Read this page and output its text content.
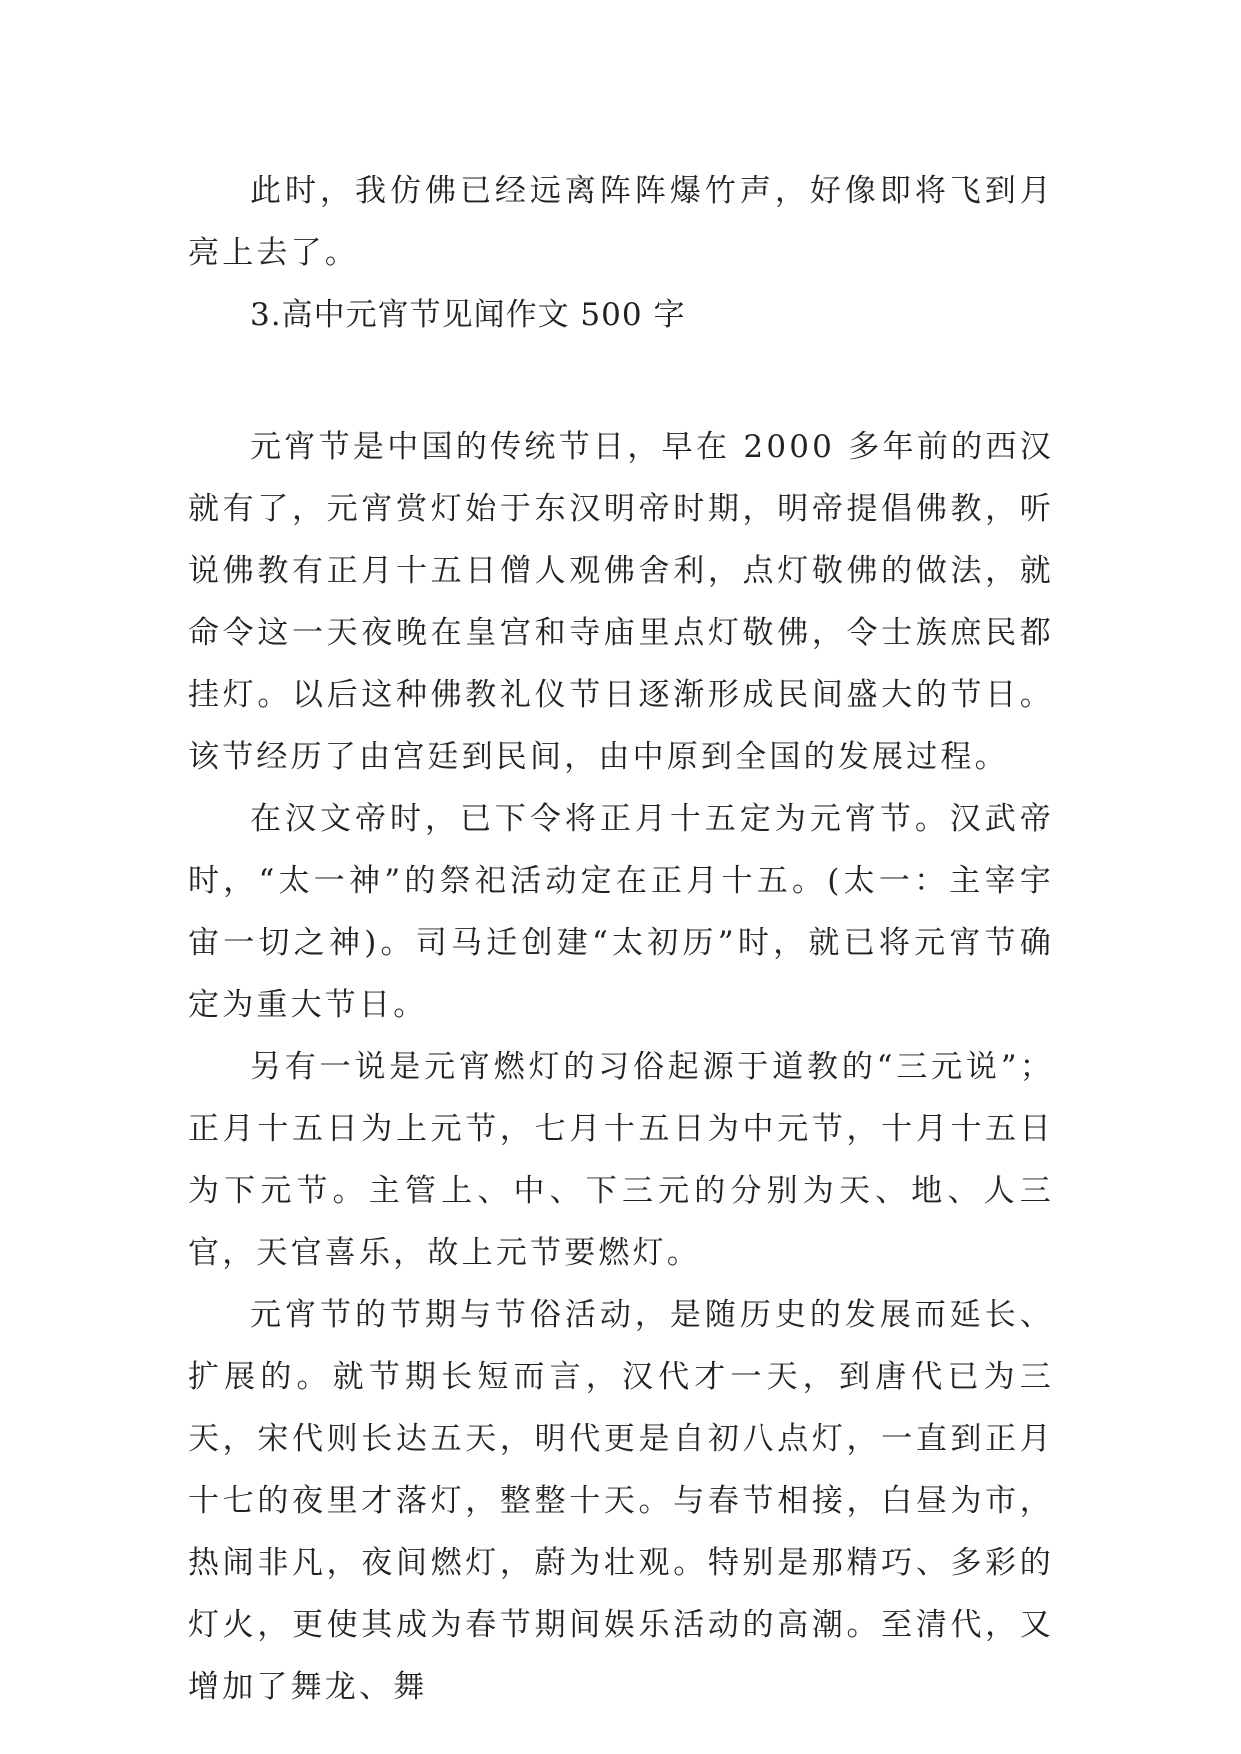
此时，我仿佛已经远离阵阵爆竹声，好像即将飞到月亮上去了。

3.高中元宵节见闻作文 500 字

元宵节是中国的传统节日，早在 2000 多年前的西汉就有了，元宵赏灯始于东汉明帝时期，明帝提倡佛教，听说佛教有正月十五日僧人观佛舍利，点灯敬佛的做法，就命令这一天夜晚在皇宫和寺庙里点灯敬佛，令士族庶民都挂灯。以后这种佛教礼仪节日逐渐形成民间盛大的节日。该节经历了由宫廷到民间，由中原到全国的发展过程。

在汉文帝时，已下令将正月十五定为元宵节。汉武帝时，“太一神”的祭祀活动定在正月十五。(太一：主宰宇宙一切之神)。司马迁创建“太初历”时，就已将元宵节确定为重大节日。

另有一说是元宵燃灯的习俗起源于道教的“三元说”；正月十五日为上元节，七月十五日为中元节，十月十五日为下元节。主管上、中、下三元的分别为天、地、人三官，天官喜乐，故上元节要燃灯。

元宵节的节期与节俗活动，是随历史的发展而延长、扩展的。就节期长短而言，汉代才一天，到唐代已为三天，宋代则长达五天，明代更是自初八点灯，一直到正月十七的夜里才落灯，整整十天。与春节相接，白昼为市，热闹非凡，夜间燃灯，蔚为壮观。特别是那精巧、多彩的灯火，更使其成为春节期间娱乐活动的高潮。至清代，又增加了舞龙、舞
